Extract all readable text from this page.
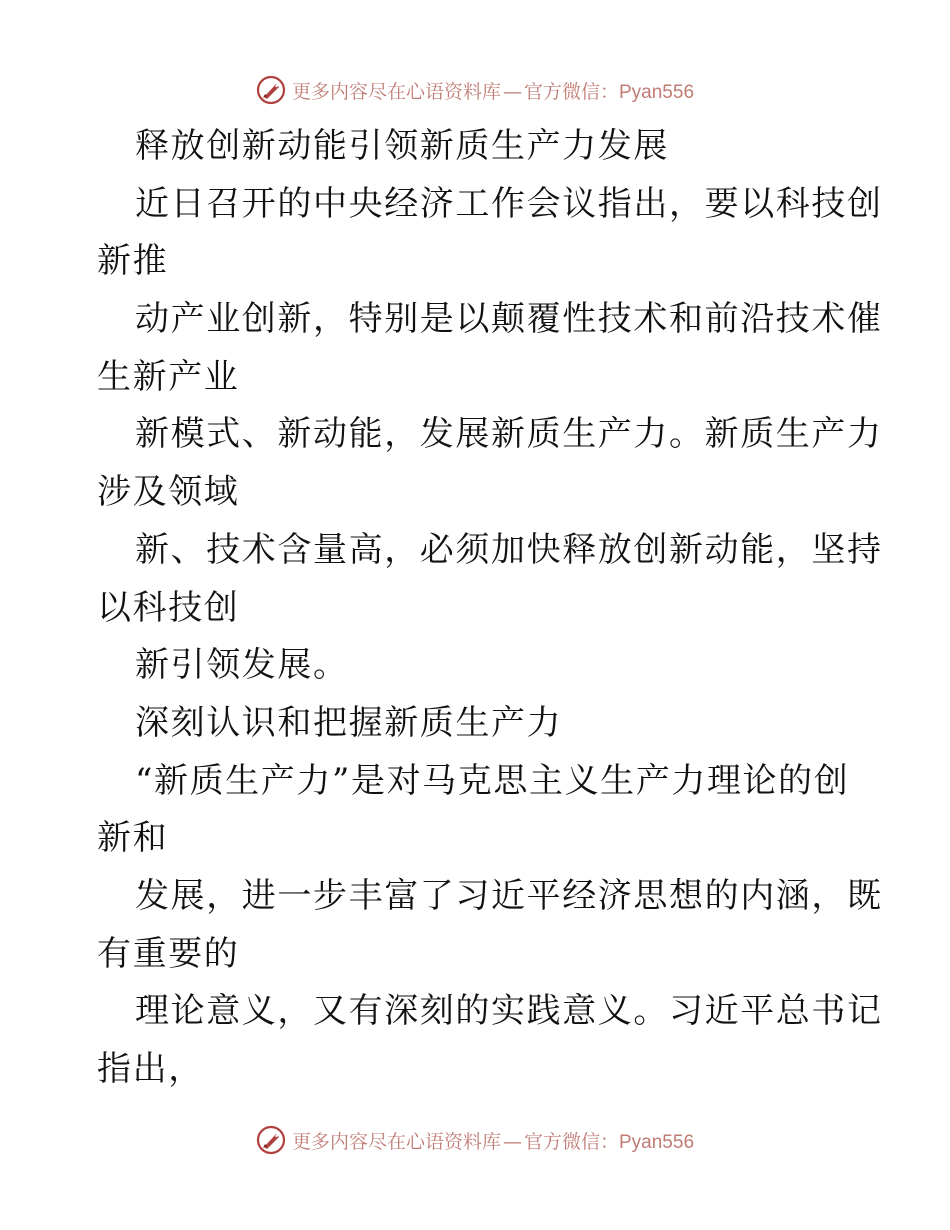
更多内容尽在心语资料库 — 官方微信：Pyan556
释放创新动能引领新质生产力发展
近日召开的中央经济工作会议指出，要以科技创
新推
动产业创新，特别是以颠覆性技术和前沿技术催
生新产业
新模式、新动能，发展新质生产力。新质生产力
涉及领域
新、技术含量高，必须加快释放创新动能，坚持
以科技创
新引领发展。
深刻认识和把握新质生产力
“新质生产力”是对马克思主义生产力理论的创
新和
发展，进一步丰富了习近平经济思想的内涵，既
有重要的
理论意义，又有深刻的实践意义。习近平总书记
指出，
更多内容尽在心语资料库 — 官方微信：Pyan556
